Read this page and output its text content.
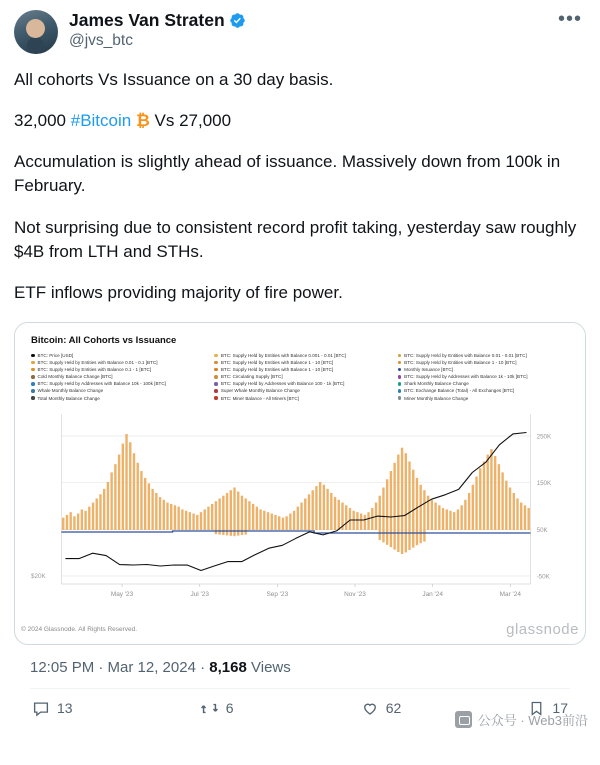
James Van Straten
@jvs_btc
•••

All cohorts Vs Issuance on a 30 day basis.

32,000 #Bitcoin ₿ Vs 27,000

Accumulation is slightly ahead of issuance. Massively down from 100k in February.

Not surprising due to consistent record profit taking, yesterday saw roughly $4B from LTH and STHs.

ETF inflows providing majority of fire power.

Bitcoin: All Cohorts vs Issuance
BTC: Price [USD]
BTC: Supply Held by Entities with Balance 0.01 - 0.1 [BTC]
BTC: Supply Held by Entities with Balance 0.1 - 1 [BTC]
Cold Monthly Balance Change [BTC]
BTC: Supply Held by Addresses with Balance 10k - 100k [BTC]
Whale Monthly Balance Change
Total Monthly Balance Change
BTC: Supply Held by Entities with Balance 0.001 - 0.01 [BTC]
BTC: Supply Held by Entities with Balance 1 - 10 [BTC]
BTC: Supply Held by Entities with Balance 1 - 10 [BTC]
BTC: Circulating Supply [BTC]
BTC: Supply Held by Addresses with Balance 100 - 1k [BTC]
Super Whale Monthly Balance Change
BTC: Miner Balance - All Miners [BTC]
BTC: Supply Held by Entities with Balance 0.01 - 0.01 [BTC]
BTC: Supply Held by Entities with Balance 1 - 10 [BTC]
Monthly Issuance [BTC]
BTC: Supply Held by Addresses with Balance 1k - 10k [BTC]
Shark Monthly Balance Change
BTC: Exchange Balance (Total) - All Exchanges [BTC]
Miner Monthly Balance Change
250K
150K
50K
-50K
$20K
May '23	Jul '23	Sep '23	Nov '23	Jan '24	Mar '24
© 2024 Glassnode. All Rights Reserved.	glassnode
12:05 PM · Mar 12, 2024 · 8,168 Views
13	6	62	17
公众号 · Web3前沿
